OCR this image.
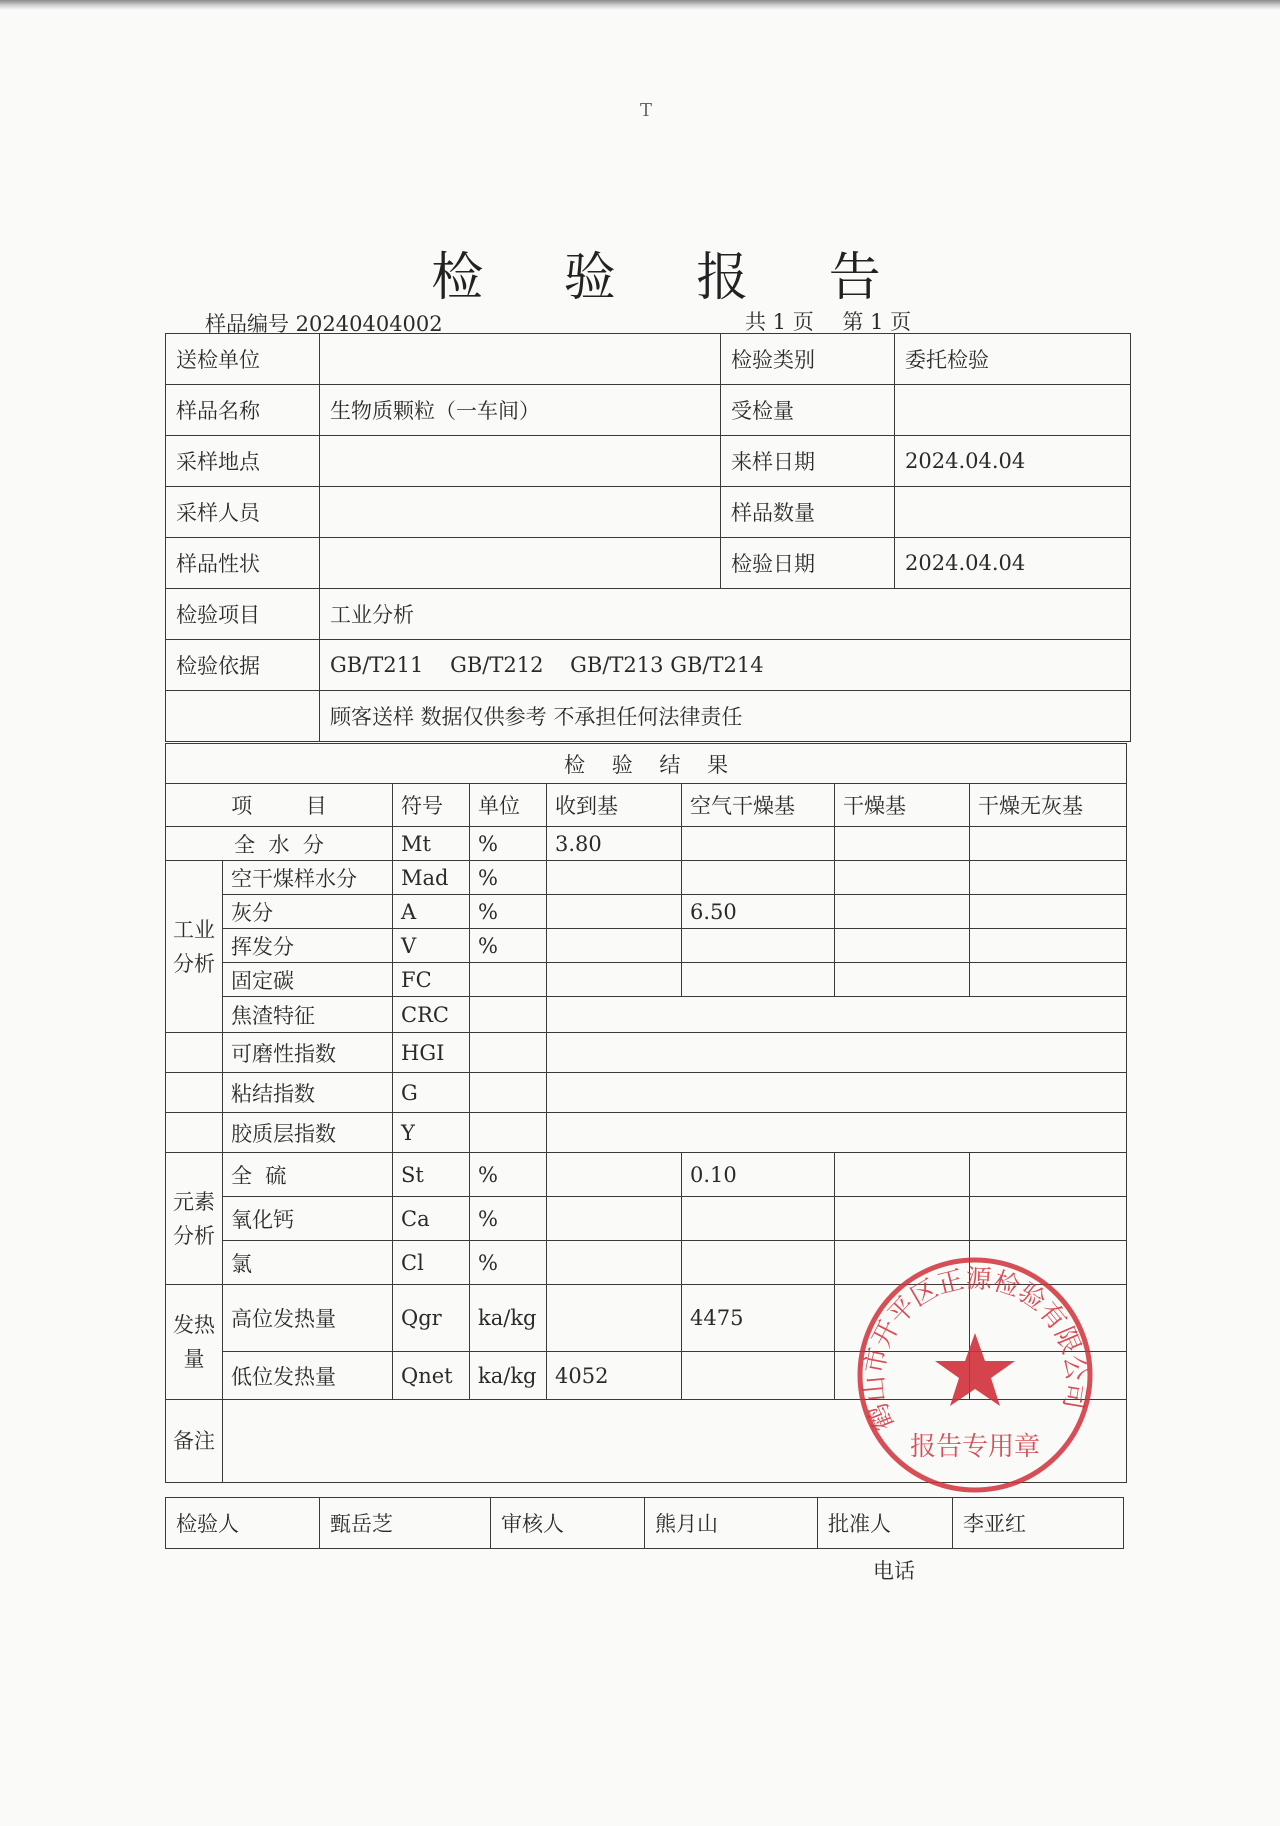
T
检 验 报 告
样品编号 20240404002	共 1 页 第 1 页
送检单位		检验类别	委托检验
样品名称	生物质颗粒（一车间）	受检量	
采样地点		来样日期	2024.04.04
采样人员		样品数量	
样品性状		检验日期	2024.04.04
检验项目	工业分析		
检验依据	GB/T211    GB/T212    GB/T213 GB/T214		
	顾客送样 数据仅供参考 不承担任何法律责任		
检    验    结    果							
项        目		符号	单位	收到基	空气干燥基	干燥基	干燥无灰基
全  水  分		Mt	%	3.80			
工业分析	空干煤样水分	Mad	%				
	灰分	A	%		6.50		
	挥发分	V	%				
	固定碳	FC					
	焦渣特征	CRC					
	可磨性指数	HGI					
	粘结指数	G					
	胶质层指数	Y					
元素分析	全  硫	St	%		0.10		
	氧化钙	Ca	%				
	氯	Cl	%				
发热量	高位发热量	Qgr	ka/kg		4475		
	低位发热量	Qnet	ka/kg	4052			
备注							
检验人	甄岳芝	审核人	熊月山	批准人	李亚红
电话
鹤山市开平区正源检验有限公司
报告专用章
